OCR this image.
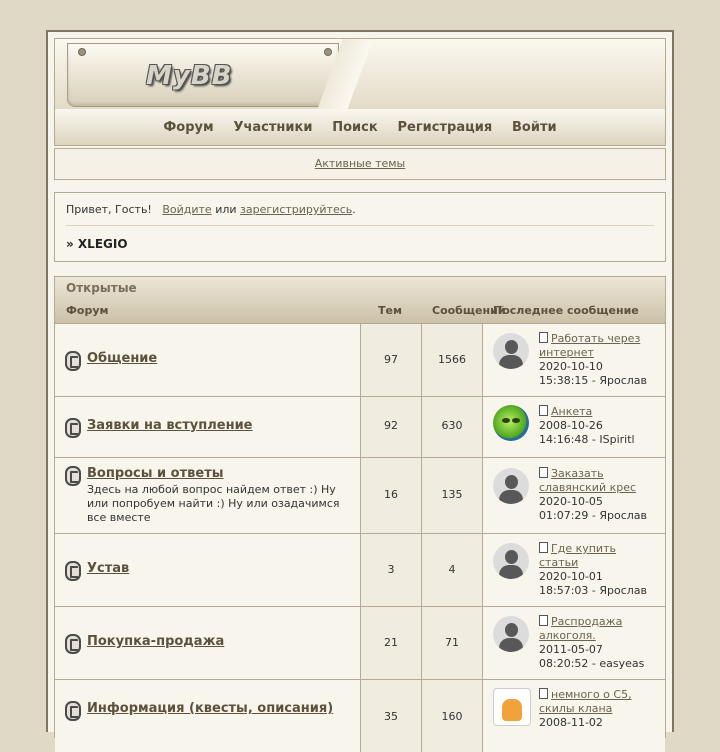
MyBB
Форум Участники Поиск Регистрация Войти
Активные темы
Привет, Гость! Войдите или зарегистрируйтесь.
» XLEGIO
Открытые
Форум	Тем	Сообщений
Последнее сообщение
Общение	97	1566
Работать через
интернет
2020-10-10
15:38:15 - Ярослав
Заявки на вступление	92	630
Анкета
2008-10-26
14:16:48 - ISpiritl
Вопросы и ответы
Здесь на любой вопрос найдем ответ :) Ну или попробуем найти :) Ну или озадачимся все вместе
16	135
Заказать
славянский крес
2020-10-05
01:07:29 - Ярослав
Устав	3	4
Где купить
статьи
2020-10-01
18:57:03 - Ярослав
Покупка-продажа	21	71
Распродажа
алкоголя.
2011-05-07
08:20:52 - easyeas
Информация (квесты, описания)
35	160
немного о С5,
скилы клана
2008-11-02
